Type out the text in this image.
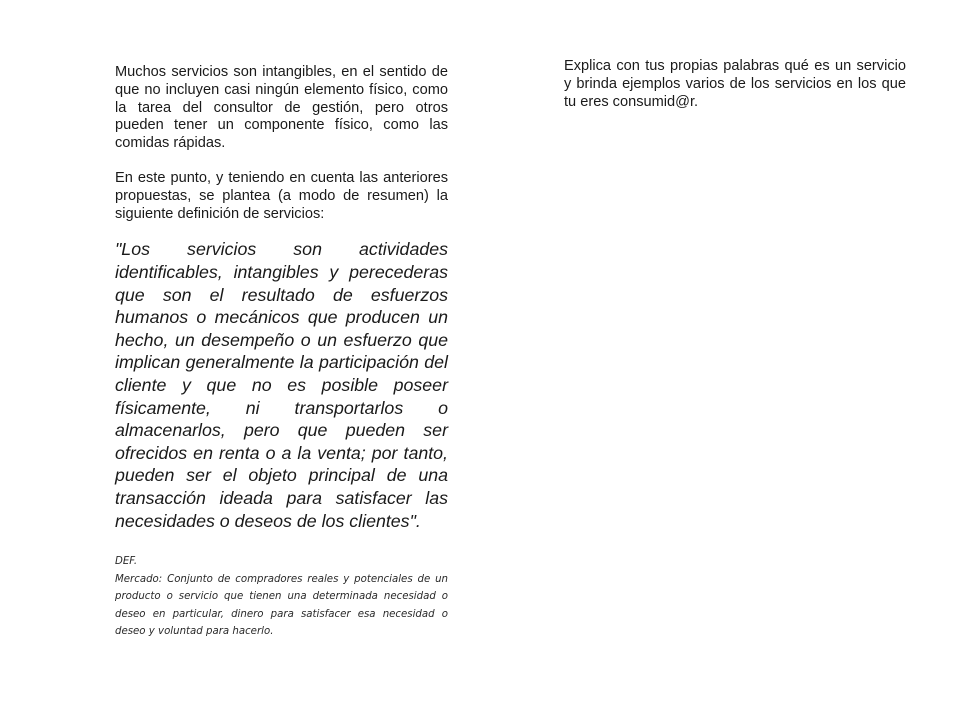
Muchos servicios son intangibles, en el sentido de que no incluyen casi ningún elemento físico, como la tarea del consultor de gestión, pero otros pueden tener un componente físico, como las comidas rápidas.

En este punto, y teniendo en cuenta las anteriores propuestas, se plantea (a modo de resumen) la siguiente definición de servicios:

"Los servicios son actividades identificables, intangibles y perecederas que son el resultado de esfuerzos humanos o mecánicos que producen un hecho, un desempeño o un esfuerzo que implican generalmente la participación del cliente y que no es posible poseer físicamente, ni transportarlos o almacenarlos, pero que pueden ser ofrecidos en renta o a la venta; por tanto, pueden ser el objeto principal de una transacción ideada para satisfacer las necesidades o deseos de los clientes".

DEF.

Mercado: Conjunto de compradores reales y potenciales de un producto o servicio que tienen una determinada necesidad o deseo en particular, dinero para satisfacer esa necesidad o deseo y voluntad para hacerlo.

Explica con tus propias palabras qué es un servicio y brinda ejemplos varios de los servicios en los que tu eres consumid@r.
